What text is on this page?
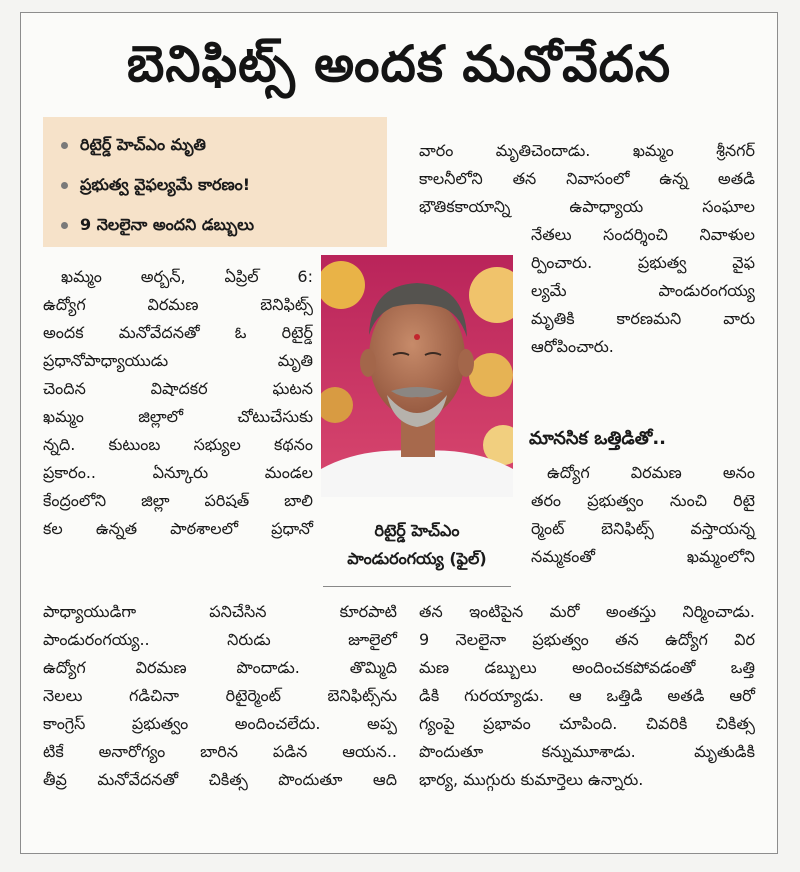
బెనిఫిట్స్ అందక మనోవేదన
రిటైర్డ్ హెచ్‌ఎం మృతి
ప్రభుత్వ వైఫల్యమే కారణం!
9 నెలలైనా అందని డబ్బులు
ఖమ్మం అర్బన్, ఏప్రిల్ 6:
ఉద్యోగ విరమణ బెనిఫిట్స్
అందక మనోవేదనతో ఓ రిటైర్డ్
ప్రధానోపాధ్యాయుడు మృతి
చెందిన విషాదకర ఘటన
ఖమ్మం జిల్లాలో చోటుచేసుకు
న్నది. కుటుంబ సభ్యుల కథనం
ప్రకారం.. ఏన్కూరు మండల
కేంద్రంలోని జిల్లా పరిషత్ బాలి
కల ఉన్నత పాఠశాలలో ప్రధానో
పాధ్యాయుడిగా పనిచేసిన కూరపాటి
పాండురంగయ్య.. నిరుడు జూలైలో
ఉద్యోగ విరమణ పొందాడు. తొమ్మిది
నెలలు గడిచినా రిటైర్మెంట్ బెనిఫిట్స్‌ను
కాంగ్రెస్ ప్రభుత్వం అందించలేదు. అప్ప
టికే అనారోగ్యం బారిన పడిన ఆయన..
తీవ్ర మనోవేదనతో చికిత్స పొందుతూ ఆది
వారం మృతిచెందాడు. ఖమ్మం శ్రీనగర్
కాలనీలోని తన నివాసంలో ఉన్న అతడి
భౌతికకాయాన్ని ఉపాధ్యాయ సంఘాల
నేతలు సందర్శించి నివాళుల
ర్పించారు. ప్రభుత్వ వైఫ
ల్యమే పాండురంగయ్య
మృతికి కారణమని వారు
ఆరోపించారు.
మానసిక ఒత్తిడితో..
ఉద్యోగ విరమణ అనం
తరం ప్రభుత్వం నుంచి రిటై
ర్మెంట్ బెనిఫిట్స్ వస్తాయన్న
నమ్మకంతో ఖమ్మంలోని
తన ఇంటిపైన మరో అంతస్తు నిర్మించాడు.
9 నెలలైనా ప్రభుత్వం తన ఉద్యోగ విర
మణ డబ్బులు అందించకపోవడంతో ఒత్తి
డికి గురయ్యాడు. ఆ ఒత్తిడి అతడి ఆరో
గ్యంపై ప్రభావం చూపింది. చివరికి చికిత్స
పొందుతూ కన్నుమూశాడు. మృతుడికి
భార్య, ముగ్గురు కుమార్తెలు ఉన్నారు.
రిటైర్డ్ హెచ్‌ఎం
పాండురంగయ్య (ఫైల్)
